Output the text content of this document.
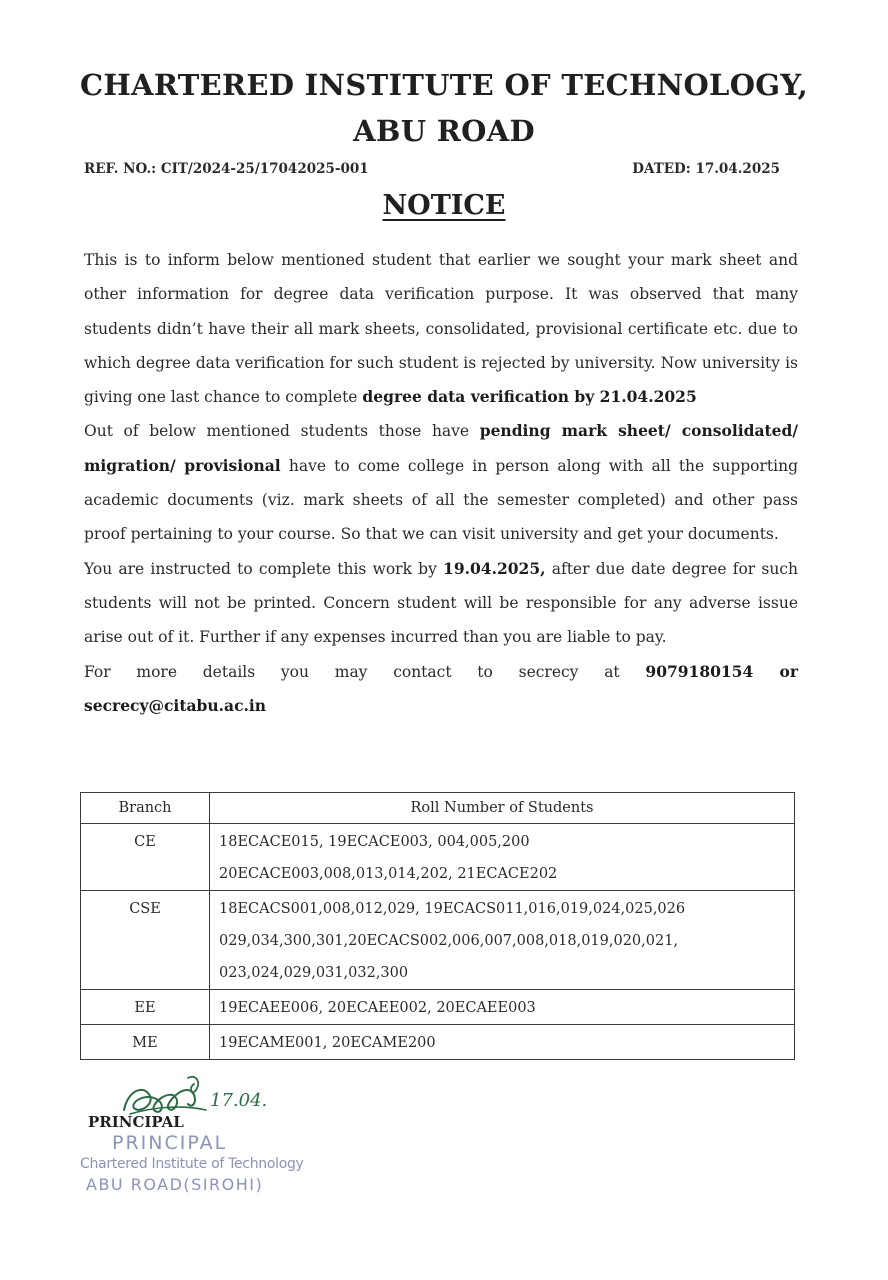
CHARTERED INSTITUTE OF TECHNOLOGY,
ABU ROAD
REF. NO.: CIT/2024-25/17042025-001	DATED: 17.04.2025
NOTICE

This is to inform below mentioned student that earlier we sought your mark sheet and other information for degree data verification purpose. It was observed that many students didn’t have their all mark sheets, consolidated, provisional certificate etc. due to which degree data verification for such student is rejected by university. Now university is giving one last chance to complete degree data verification by 21.04.2025

Out of below mentioned students those have pending mark sheet/ consolidated/ migration/ provisional have to come college in person along with all the supporting academic documents (viz. mark sheets of all the semester completed) and other pass proof pertaining to your course. So that we can visit university and get your documents.

You are instructed to complete this work by 19.04.2025, after due date degree for such students will not be printed. Concern student will be responsible for any adverse issue arise out of it. Further if any expenses incurred than you are liable to pay.

For more details you may contact to secrecy at 9079180154 or

secrecy@citabu.ac.in

Branch	Roll Number of Students
CE	18ECACE015, 19ECACE003, 004,005,200
20ECACE003,008,013,014,202, 21ECACE202

CSE	18ECACS001,008,012,029, 19ECACS011,016,019,024,025,026
029,034,300,301,20ECACS002,006,007,008,018,019,020,021,
023,024,029,031,032,300

EE	19ECAEE006, 20ECAEE002, 20ECAEE003

ME	19ECAME001, 20ECAME200
17.04.
PRINCIPAL
PRINCIPAL
Chartered Institute of Technology
ABU ROAD(SIROHI)
